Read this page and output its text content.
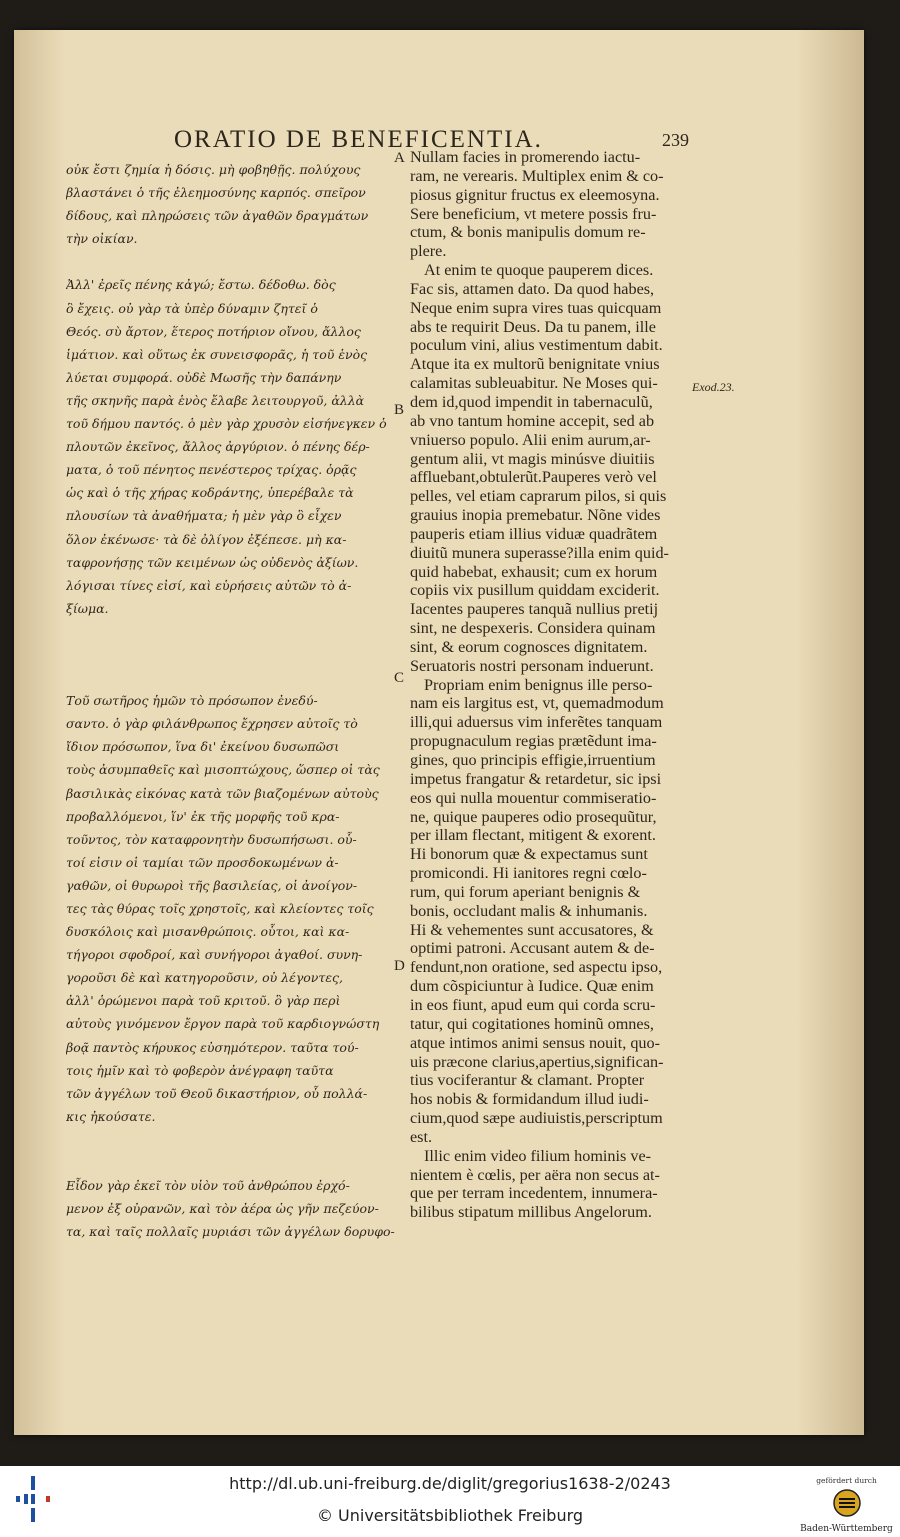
ORATIO DE BENEFICENTIA.	239

οὐκ ἔστι ζημία ἡ δόσις. μὴ φοβηθῇς. πολύχους

βλαστάνει ὁ τῆς ἐλεημοσύνης καρπός. σπεῖρον

δίδους, καὶ πληρώσεις τῶν ἀγαθῶν δραγμάτων

τὴν οἰκίαν.

Ἀλλ' ἐρεῖς πένης κἀγώ; ἔστω. δέδοθω. δὸς

ὃ ἔχεις. οὐ γὰρ τὰ ὑπὲρ δύναμιν ζητεῖ ὁ

Θεός. σὺ ἄρτον, ἕτερος ποτήριον οἴνου, ἄλλος

ἱμάτιον. καὶ οὕτως ἐκ συνεισφορᾶς, ἡ τοῦ ἑνὸς

λύεται συμφορά. οὐδὲ Μωσῆς τὴν δαπάνην

τῆς σκηνῆς παρὰ ἑνὸς ἔλαβε λειτουργοῦ, ἀλλὰ

τοῦ δήμου παντός. ὁ μὲν γὰρ χρυσὸν εἰσήνεγκεν ὁ

πλουτῶν ἐκεῖνος, ἄλλος ἀργύριον. ὁ πένης δέρ-

ματα, ὁ τοῦ πένητος πενέστερος τρίχας. ὁρᾷς

ὡς καὶ ὁ τῆς χήρας κοδράντης, ὑπερέβαλε τὰ

πλουσίων τὰ ἀναθήματα; ἡ μὲν γὰρ ὃ εἶχεν

ὅλον ἐκένωσε· τὰ δὲ ὀλίγον ἐξέπεσε. μὴ κα-

ταφρονήσῃς τῶν κειμένων ὡς οὐδενὸς ἀξίων.

λόγισαι τίνες εἰσί, καὶ εὑρήσεις αὐτῶν τὸ ἀ-

ξίωμα.

Τοῦ σωτῆρος ἡμῶν τὸ πρόσωπον ἐνεδύ-

σαντο. ὁ γὰρ φιλάνθρωπος ἔχρησεν αὐτοῖς τὸ

ἴδιον πρόσωπον, ἵνα δι' ἐκείνου δυσωπῶσι

τοὺς ἀσυμπαθεῖς καὶ μισοπτώχους, ὥσπερ οἱ τὰς

βασιλικὰς εἰκόνας κατὰ τῶν βιαζομένων αὐτοὺς

προβαλλόμενοι, ἵν' ἐκ τῆς μορφῆς τοῦ κρα-

τοῦντος, τὸν καταφρονητὴν δυσωπήσωσι. οὗ-

τοί εἰσιν οἱ ταμίαι τῶν προσδοκωμένων ἀ-

γαθῶν, οἱ θυρωροὶ τῆς βασιλείας, οἱ ἀνοίγον-

τες τὰς θύρας τοῖς χρηστοῖς, καὶ κλείοντες τοῖς

δυσκόλοις καὶ μισανθρώποις. οὗτοι, καὶ κα-

τήγοροι σφοδροί, καὶ συνήγοροι ἀγαθοί. συνη-

γοροῦσι δὲ καὶ κατηγοροῦσιν, οὐ λέγοντες,

ἀλλ' ὁρώμενοι παρὰ τοῦ κριτοῦ. ὃ γὰρ περὶ

αὐτοὺς γινόμενον ἔργον παρὰ τοῦ καρδιογνώστη

βοᾷ παντὸς κήρυκος εὐσημότερον. ταῦτα τού-

τοις ἡμῖν καὶ τὸ φοβερὸν ἀνέγραφη ταῦτα

τῶν ἀγγέλων τοῦ Θεοῦ δικαστήριον, οὗ πολλά-

κις ἠκούσατε.

Εἶδον γὰρ ἐκεῖ τὸν υἱὸν τοῦ ἀνθρώπου ἐρχό-

μενον ἐξ οὐρανῶν, καὶ τὸν ἀέρα ὡς γῆν πεζεύον-

τα, καὶ ταῖς πολλαῖς μυριάσι τῶν ἀγγέλων δορυφο-

Nullam facies in promerendo iactu-

ram, ne verearis. Multiplex enim & co-

piosus gignitur fructus ex eleemosyna.

Sere beneficium, vt metere possis fru-

ctum, & bonis manipulis domum re-

plere.

At enim te quoque pauperem dices.

Fac sis, attamen dato. Da quod habes,

Neque enim supra vires tuas quicquam

abs te requirit Deus. Da tu panem, ille

poculum vini, alius vestimentum dabit.

Atque ita ex multorũ benignitate vnius

calamitas subleuabitur. Ne Moses qui-

dem id,quod impendit in tabernaculũ,

ab vno tantum homine accepit, sed ab

vniuerso populo. Alii enim aurum,ar-

gentum alii, vt magis minúsve diuitiis

affluebant,obtulerũt.Pauperes verò vel

pelles, vel etiam caprarum pilos, si quis

grauius inopia premebatur. Nõne vides

pauperis etiam illius viduæ quadrãtem

diuitũ munera superasse?illa enim quid-

quid habebat, exhausit; cum ex horum

copiis vix pusillum quiddam exciderit.

Iacentes pauperes tanquã nullius pretij

sint, ne despexeris. Considera quinam

sint, & eorum cognosces dignitatem.

Seruatoris nostri personam induerunt.

Propriam enim benignus ille perso-

nam eis largitus est, vt, quemadmodum

illi,qui aduersus vim inferẽtes tanquam

propugnaculum regias prætẽdunt ima-

gines, quo principis effigie,irruentium

impetus frangatur & retardetur, sic ipsi

eos qui nulla mouentur commiseratio-

ne, quique pauperes odio prosequũtur,

per illam flectant, mitigent & exorent.

Hi bonorum quæ & expectamus sunt

promicondi. Hi ianitores regni cœlo-

rum, qui forum aperiant benignis &

bonis, occludant malis & inhumanis.

Hi & vehementes sunt accusatores, &

optimi patroni. Accusant autem & de-

fendunt,non oratione, sed aspectu ipso,

dum cõspiciuntur à Iudice. Quæ enim

in eos fiunt, apud eum qui corda scru-

tatur, qui cogitationes hominũ omnes,

atque intimos animi sensus nouit, quo-

uis præcone clarius,apertius,significan-

tius vociferantur & clamant. Propter

hos nobis & formidandum illud iudi-

cium,quod sæpe audiuistis,perscriptum

est.

Illic enim video filium hominis ve-

nientem è cœlis, per aëra non secus at-

que per terram incedentem, innumera-

bilibus stipatum millibus Angelorum.

A
B
C
D
Exod.23.
http://dl.ub.uni-freiburg.de/diglit/gregorius1638-2/0243
© Universitätsbibliothek Freiburg
gefördert durch
Baden-Württemberg
